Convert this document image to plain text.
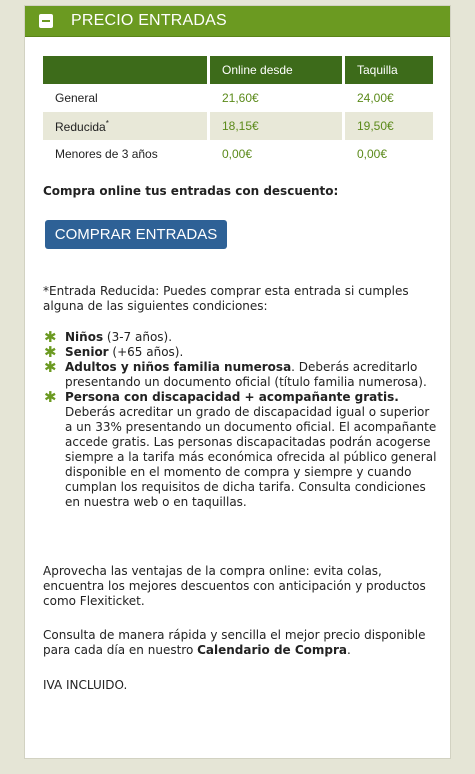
PRECIO ENTRADAS
	Online desde	Taquilla
General	21,60€	24,00€
Reducida*	18,15€	19,50€
Menores de 3 años	0,00€	0,00€
Compra online tus entradas con descuento:
COMPRAR ENTRADAS
*Entrada Reducida: Puedes comprar esta entrada si cumples alguna de las siguientes condiciones:
✱ Niños (3-7 años).
✱ Senior (+65 años).
✱ Adultos y niños familia numerosa. Deberás acreditarlo presentando un documento oficial (título familia numerosa).
✱ Persona con discapacidad + acompañante gratis. Deberás acreditar un grado de discapacidad igual o superior a un 33% presentando un documento oficial. El acompañante accede gratis. Las personas discapacitadas podrán acogerse siempre a la tarifa más económica ofrecida al público general disponible en el momento de compra y siempre y cuando cumplan los requisitos de dicha tarifa. Consulta condiciones en nuestra web o en taquillas.
Aprovecha las ventajas de la compra online: evita colas, encuentra los mejores descuentos con anticipación y productos como Flexiticket.
Consulta de manera rápida y sencilla el mejor precio disponible para cada día en nuestro Calendario de Compra.
IVA INCLUIDO.
